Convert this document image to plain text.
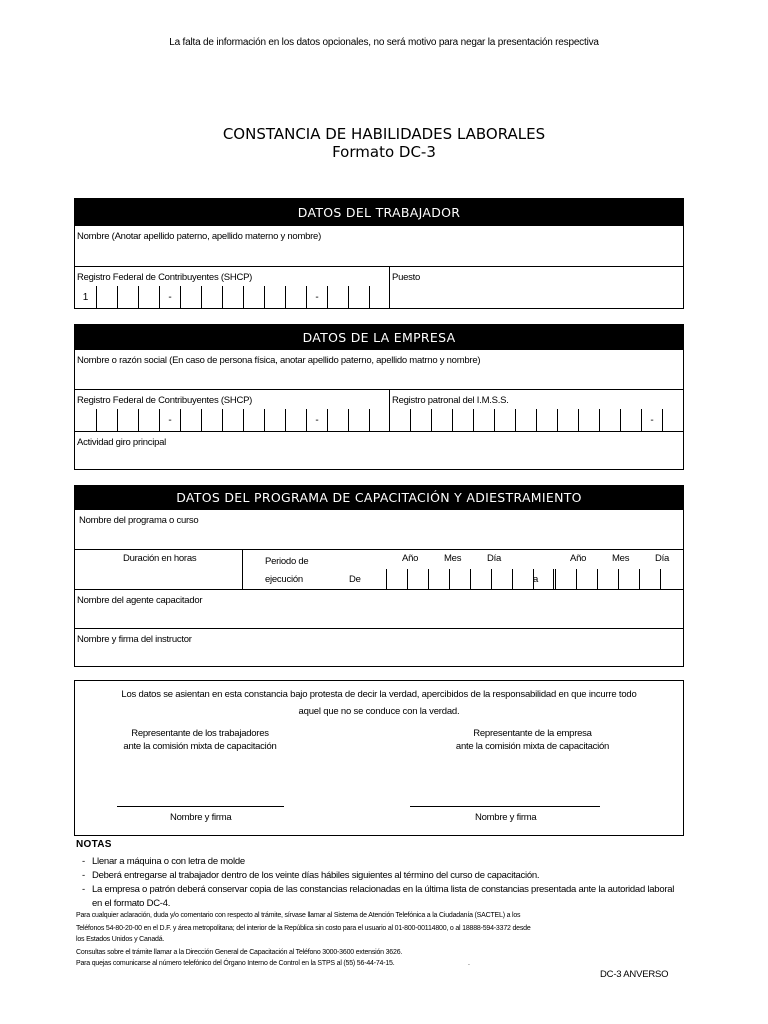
La falta de información en los datos opcionales, no será motivo para negar la presentación respectiva
CONSTANCIA DE HABILIDADES LABORALES
Formato DC-3
DATOS DEL TRABAJADOR
Nombre (Anotar apellido paterno, apellido materno y nombre)
Registro Federal de Contribuyentes (SHCP)
1	-	-
Puesto
DATOS DE LA EMPRESA
Nombre o razón social (En caso de persona física, anotar apellido paterno, apellido matrno y nombre)
Registro Federal de Contribuyentes (SHCP)
-	-
Registro patronal del I.M.S.S.
-
Actividad giro principal
DATOS DEL PROGRAMA DE CAPACITACIÓN Y ADIESTRAMIENTO
Nombre del programa o curso
Duración en horas	Periodo de
ejecución	De
Año	Mes	Día
a
Año	Mes	Día
Nombre del agente capacitador
Nombre y firma del instructor
Los datos se asientan en esta constancia bajo protesta de decir la verdad, apercibidos de la responsabilidad en que incurre todo
aquel que no se conduce con la verdad.
Representante de los trabajadores
ante la comisión mixta de capacitación
Representante de la empresa
ante la comisión mixta de capacitación
Nombre y firma	Nombre y firma
NOTAS
- Llenar a máquina o con letra de molde
- Deberá entregarse al trabajador dentro de los veinte días hábiles siguientes al término del curso de capacitación.
- La empresa o patrón deberá conservar copia de las constancias relacionadas en la última lista de constancias presentada ante la autoridad laboral
en el formato DC-4.
Para cualquier aclaración, duda y/o comentario con respecto al trámite, sírvase llamar al Sistema de Atención Telefónica a la Ciudadanía (SACTEL) a los
Teléfonos 54-80-20-00 en el D.F. y área metropolitana; del interior de la República sin costo para el usuario al 01-800-00114800, o al 18888-594-3372 desde
los Estados Unidos y Canadá.
Consultas sobre el trámite llamar a la Dirección General de Capacitación al Teléfono 3000-3600 extensión 3626.
Para quejas comunicarse al número telefónico del Órgano Interno de Control en la STPS al (55) 56-44-74-15.	.
DC-3 ANVERSO
